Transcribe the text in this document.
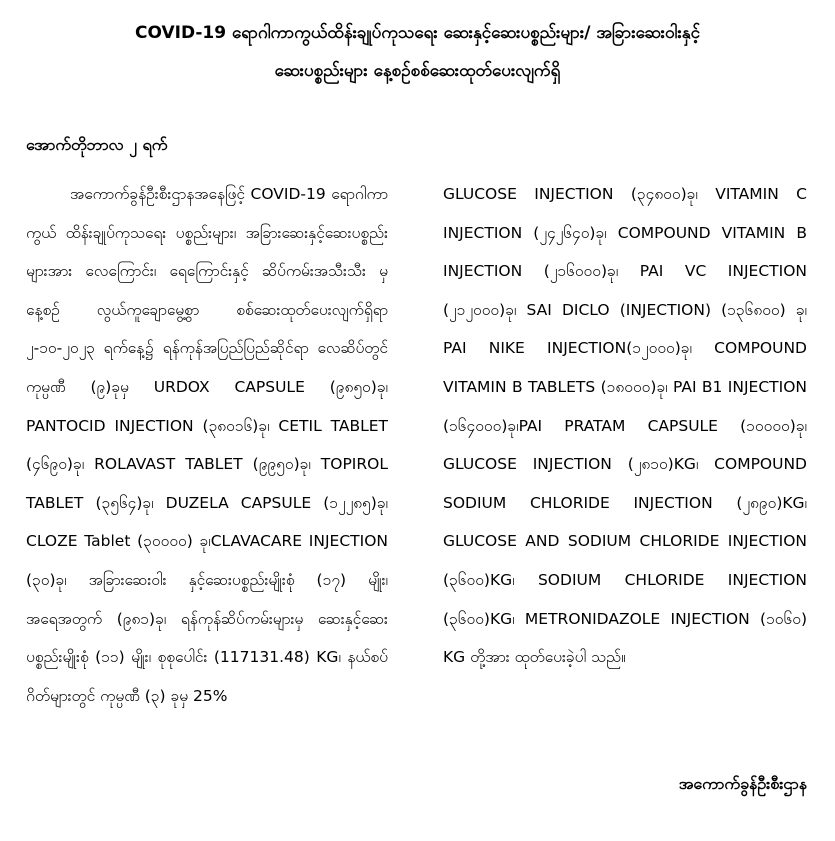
COVID-19 ရောဂါကာကွယ်ထိန်းချုပ်ကုသရေး ဆေးနှင့်ဆေးပစ္စည်းများ/ အခြားဆေးဝါးနှင့်
ဆေးပစ္စည်းများ နေ့စဉ်စစ်ဆေးထုတ်ပေးလျက်ရှိ
အောက်တိုဘာလ ၂ ရက်
အကောက်ခွန်ဦးစီးဌာနအနေဖြင့် COVID-19 ရောဂါကာကွယ် ထိန်းချုပ်ကုသရေး ပစ္စည်းများ၊ အခြားဆေးနှင့်ဆေးပစ္စည်းများအား လေကြောင်း၊ ရေကြောင်းနှင့် ဆိပ်ကမ်းအသီးသီး မှ နေ့စဉ် လွယ်ကူချောမွေ့စွာ စစ်ဆေးထုတ်ပေးလျက်ရှိရာ ၂-၁၀-၂၀၂၃ ရက်နေ့၌ ရန်ကုန်အပြည်ပြည်ဆိုင်ရာ လေဆိပ်တွင် ကုမ္ပဏီ (၉)ခုမှ URDOX CAPSULE (၉၈၅၀)ခု၊ PANTOCID INJECTION (၃၈၀၁၆)ခု၊ CETIL TABLET (၄၆၉၀)ခု၊ ROLAVAST TABLET (၉၉၅၀)ခု၊ TOPIROL TABLET (၃၅၆၄)ခု၊ DUZELA CAPSULE (၁၂၂၈၅)ခု၊ CLOZE Tablet (၃၀၀၀၀) ခု၊CLAVACARE INJECTION (၃၀)ခု၊ အခြားဆေးဝါး နှင့်ဆေးပစ္စည်းမျိုးစုံ (၁၇) မျိုး၊ အရေအတွက် (၉၈၁)ခု၊ ရန်ကုန်ဆိပ်ကမ်းများမှ ဆေးနှင့်ဆေး ပစ္စည်းမျိုးစုံ (၁၁) မျိုး၊ စုစုပေါင်း (117131.48) KG၊ နယ်စပ်ဂိတ်များတွင် ကုမ္ပဏီ (၃) ခုမှ 25%
GLUCOSE INJECTION (၃၄၈၀၀)ခု၊ VITAMIN C INJECTION (၂၄၂၆၄၀)ခု၊ COMPOUND VITAMIN B INJECTION (၂၁၆၀၀၀)ခု၊ PAI VC INJECTION (၂၁၂၀၀၀)ခု၊ SAI DICLO (INJECTION) (၁၃၆၈၀၀) ခု၊ PAI NIKE INJECTION(၁၂၀၀၀)ခု၊ COMPOUND VITAMIN B TABLETS (၁၈၀၀၀)ခု၊ PAI B1 INJECTION (၁၆၄၀၀၀)ခု၊PAI PRATAM CAPSULE (၁၀၀၀၀)ခု၊ GLUCOSE INJECTION (၂၈၁၀)KG၊ COMPOUND SODIUM CHLORIDE INJECTION (၂၈၉၀)KG၊ GLUCOSE AND SODIUM CHLORIDE INJECTION (၃၆၀၀)KG၊ SODIUM CHLORIDE INJECTION (၃၆၀၀)KG၊ METRONIDAZOLE INJECTION (၁၀၆၀) KG တို့အား ထုတ်ပေးခဲ့ပါ သည်။
အကောက်ခွန်ဦးစီးဌာန
